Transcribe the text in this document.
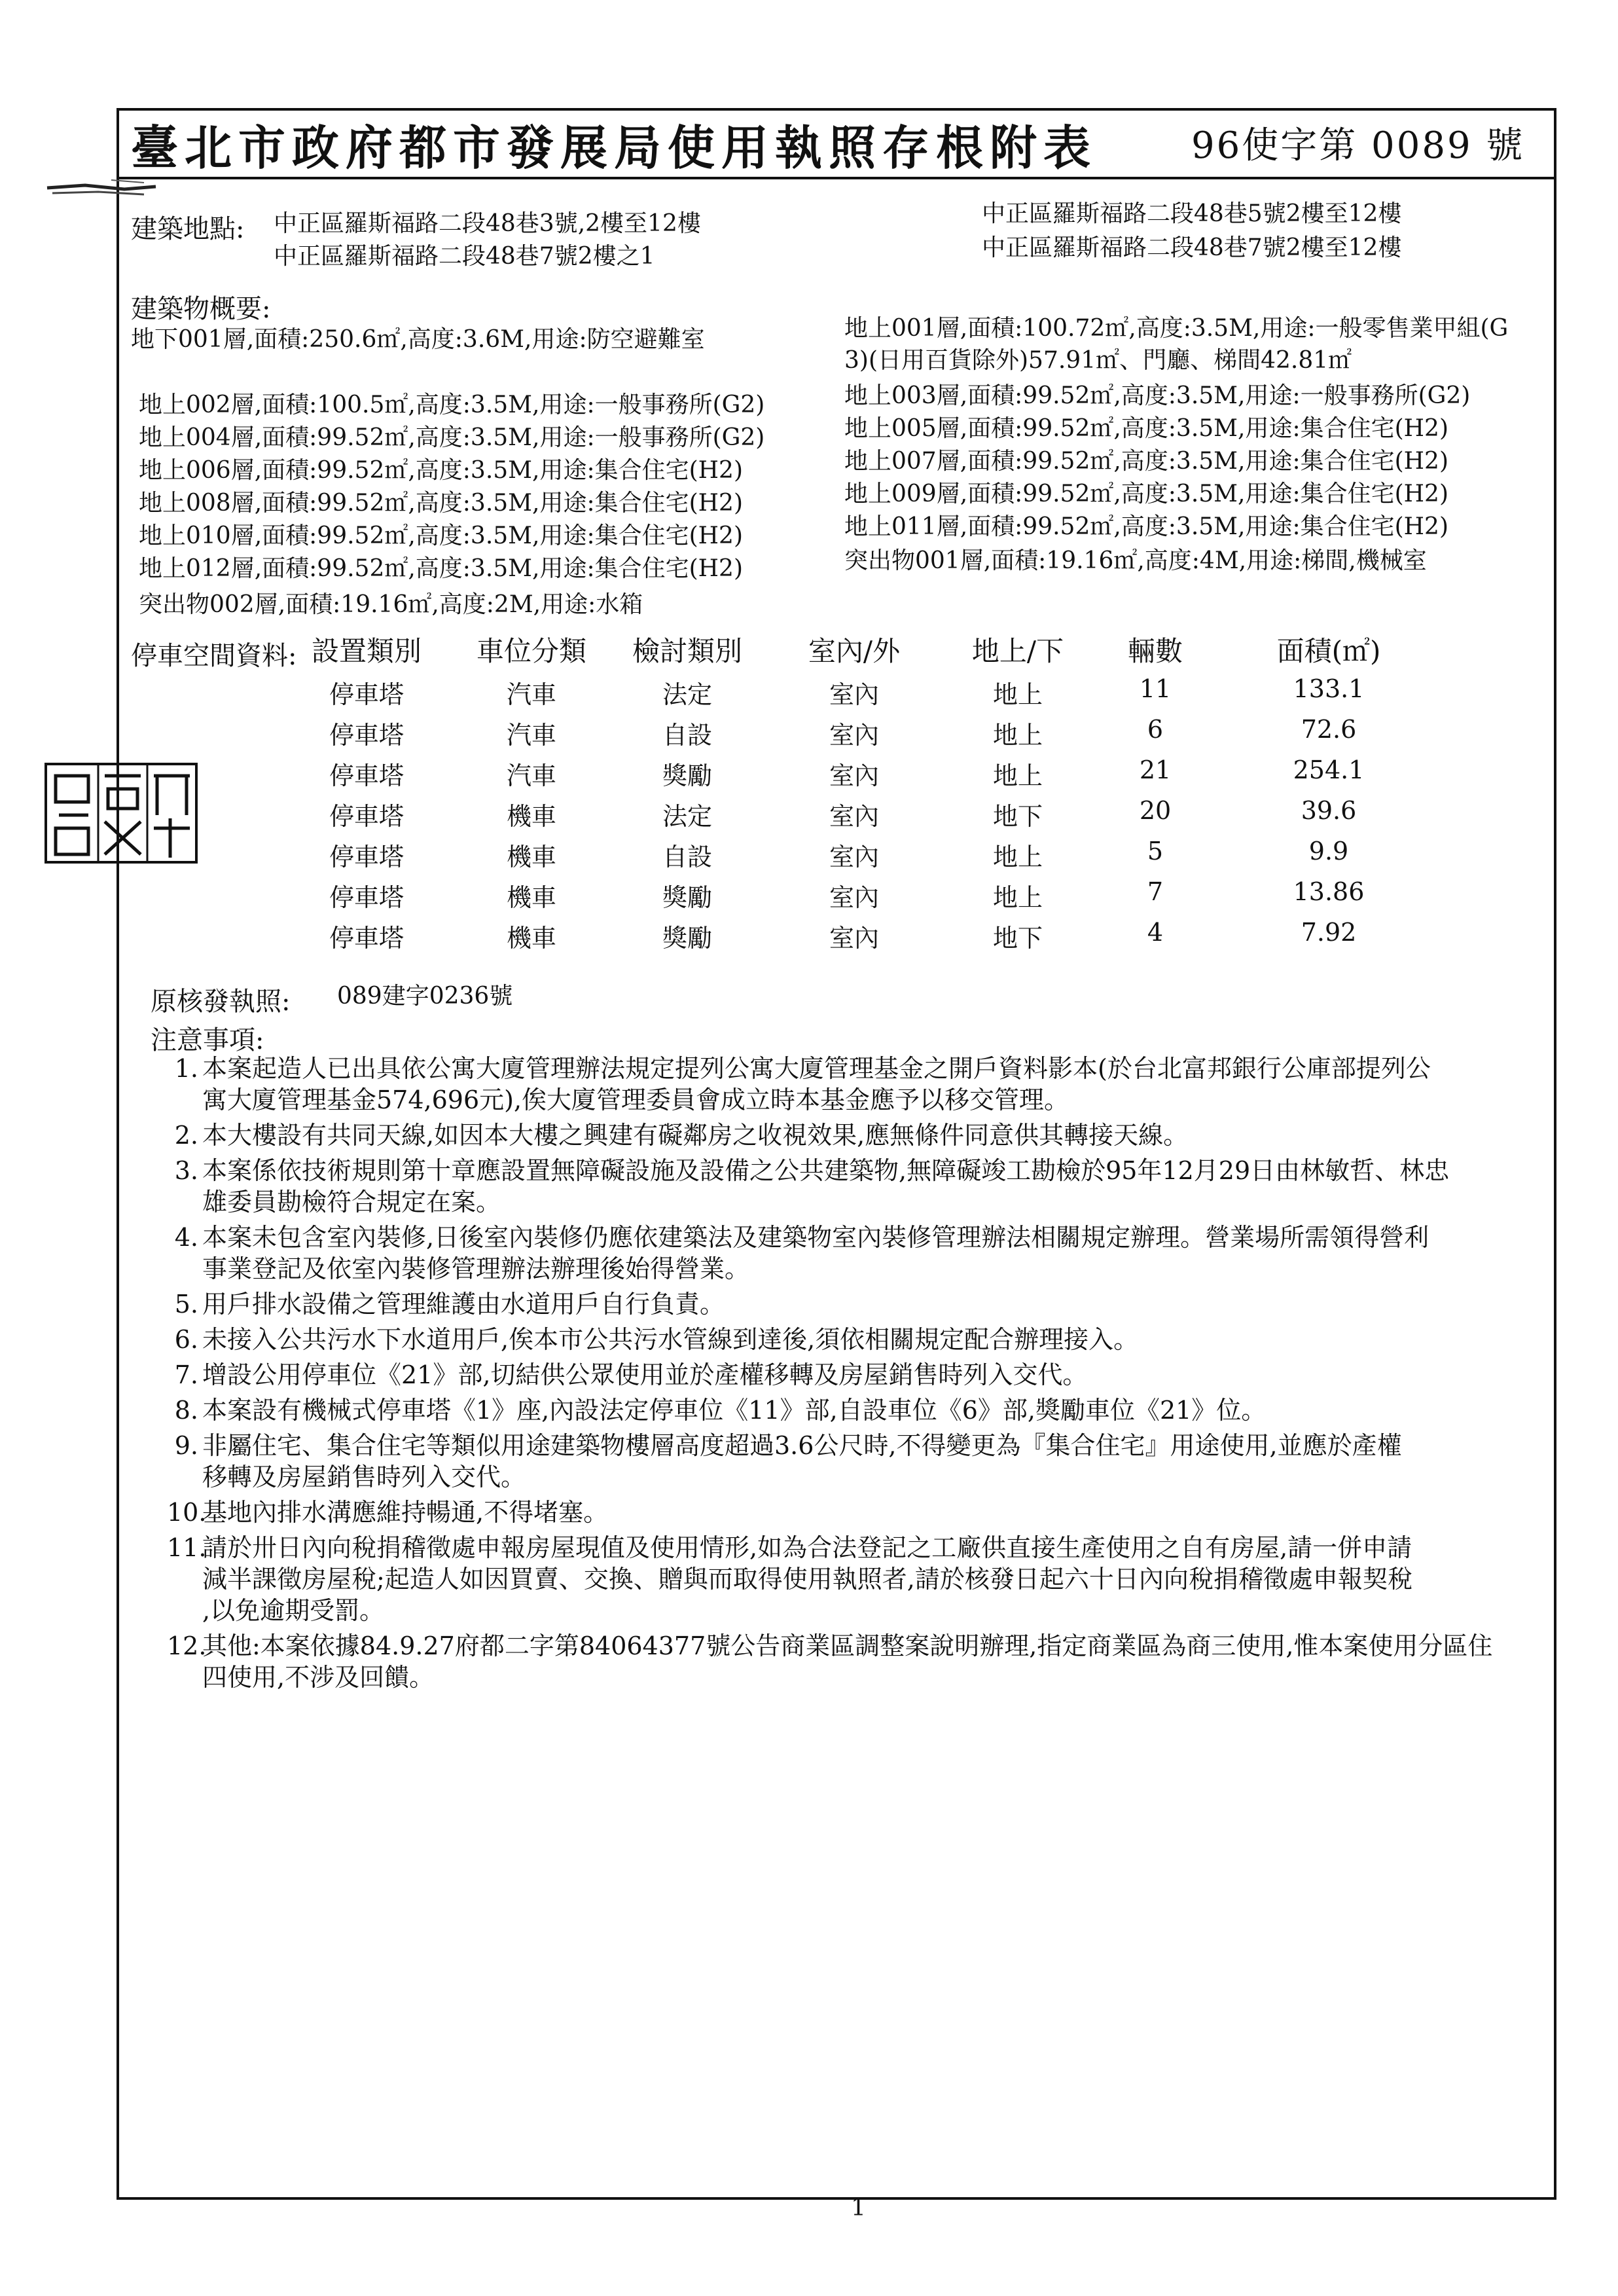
臺北市政府都市發展局使用執照存根附表	96使字第 0089 號
建築地點: 中正區羅斯福路二段48巷3號,2樓至12樓
中正區羅斯福路二段48巷7號2樓之1
中正區羅斯福路二段48巷5號2樓至12樓
中正區羅斯福路二段48巷7號2樓至12樓
建築物概要:
地下001層,面積:250.6㎡,高度:3.6M,用途:防空避難室
地上002層,面積:100.5㎡,高度:3.5M,用途:一般事務所(G2)
地上004層,面積:99.52㎡,高度:3.5M,用途:一般事務所(G2)
地上006層,面積:99.52㎡,高度:3.5M,用途:集合住宅(H2)
地上008層,面積:99.52㎡,高度:3.5M,用途:集合住宅(H2)
地上010層,面積:99.52㎡,高度:3.5M,用途:集合住宅(H2)
地上012層,面積:99.52㎡,高度:3.5M,用途:集合住宅(H2)
突出物002層,面積:19.16㎡,高度:2M,用途:水箱
地上001層,面積:100.72㎡,高度:3.5M,用途:一般零售業甲組(G
3)(日用百貨除外)57.91㎡、門廳、梯間42.81㎡
地上003層,面積:99.52㎡,高度:3.5M,用途:一般事務所(G2)
地上005層,面積:99.52㎡,高度:3.5M,用途:集合住宅(H2)
地上007層,面積:99.52㎡,高度:3.5M,用途:集合住宅(H2)
地上009層,面積:99.52㎡,高度:3.5M,用途:集合住宅(H2)
地上011層,面積:99.52㎡,高度:3.5M,用途:集合住宅(H2)
突出物001層,面積:19.16㎡,高度:4M,用途:梯間,機械室
停車空間資料: 設置類別	車位分類	檢討類別	室內/外	地上/下	輛數	面積(㎡)
停車塔	汽車	法定	室內	地上	11	133.1
停車塔	汽車	自設	室內	地上	6	72.6
停車塔	汽車	獎勵	室內	地上	21	254.1
停車塔	機車	法定	室內	地下	20	39.6
停車塔	機車	自設	室內	地上	5	9.9
停車塔	機車	獎勵	室內	地上	7	13.86
停車塔	機車	獎勵	室內	地下	4	7.92
原核發執照: 089建字0236號
注意事項:
1. 本案起造人已出具依公寓大廈管理辦法規定提列公寓大廈管理基金之開戶資料影本(於台北富邦銀行公庫部提列公
寓大廈管理基金574,696元),俟大廈管理委員會成立時本基金應予以移交管理。
2. 本大樓設有共同天線,如因本大樓之興建有礙鄰房之收視效果,應無條件同意供其轉接天線。
3. 本案係依技術規則第十章應設置無障礙設施及設備之公共建築物,無障礙竣工勘檢於95年12月29日由林敏哲、林忠
雄委員勘檢符合規定在案。
4. 本案未包含室內裝修,日後室內裝修仍應依建築法及建築物室內裝修管理辦法相關規定辦理。營業場所需領得營利
事業登記及依室內裝修管理辦法辦理後始得營業。
5. 用戶排水設備之管理維護由水道用戶自行負責。
6. 未接入公共污水下水道用戶,俟本市公共污水管線到達後,須依相關規定配合辦理接入。
7. 增設公用停車位《21》部,切結供公眾使用並於產權移轉及房屋銷售時列入交代。
8. 本案設有機械式停車塔《1》座,內設法定停車位《11》部,自設車位《6》部,獎勵車位《21》位。
9. 非屬住宅、集合住宅等類似用途建築物樓層高度超過3.6公尺時,不得變更為『集合住宅』用途使用,並應於產權
移轉及房屋銷售時列入交代。
10.
基地內排水溝應維持暢通,不得堵塞。
11.
請於卅日內向稅捐稽徵處申報房屋現值及使用情形,如為合法登記之工廠供直接生產使用之自有房屋,請一併申請
減半課徵房屋稅;起造人如因買賣、交換、贈與而取得使用執照者,請於核發日起六十日內向稅捐稽徵處申報契稅
,以免逾期受罰。
12.
其他:本案依據84.9.27府都二字第84064377號公告商業區調整案說明辦理,指定商業區為商三使用,惟本案使用分區住
四使用,不涉及回饋。
1
